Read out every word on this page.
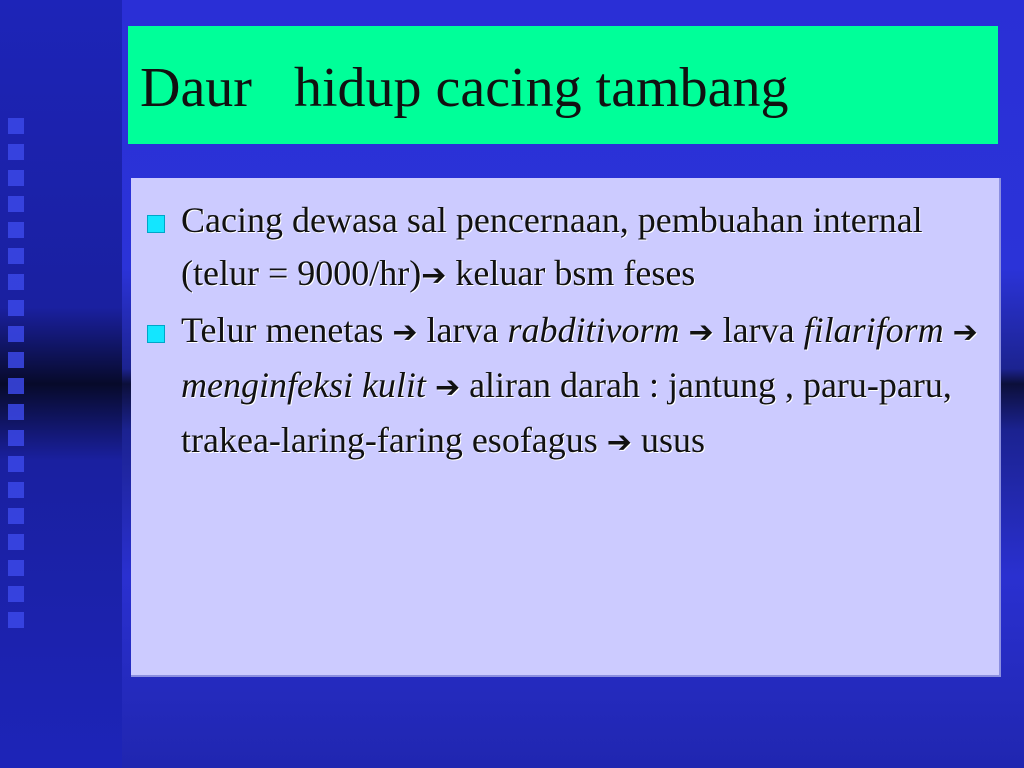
Daur   hidup cacing tambang
Cacing dewasa sal pencernaan, pembuahan internal (telur = 9000/hr)➔ keluar bsm feses
Telur menetas ➔ larva rabditivorm ➔ larva filariform ➔ menginfeksi kulit ➔ aliran darah : jantung , paru-paru, trakea-laring-faring esofagus ➔ usus
